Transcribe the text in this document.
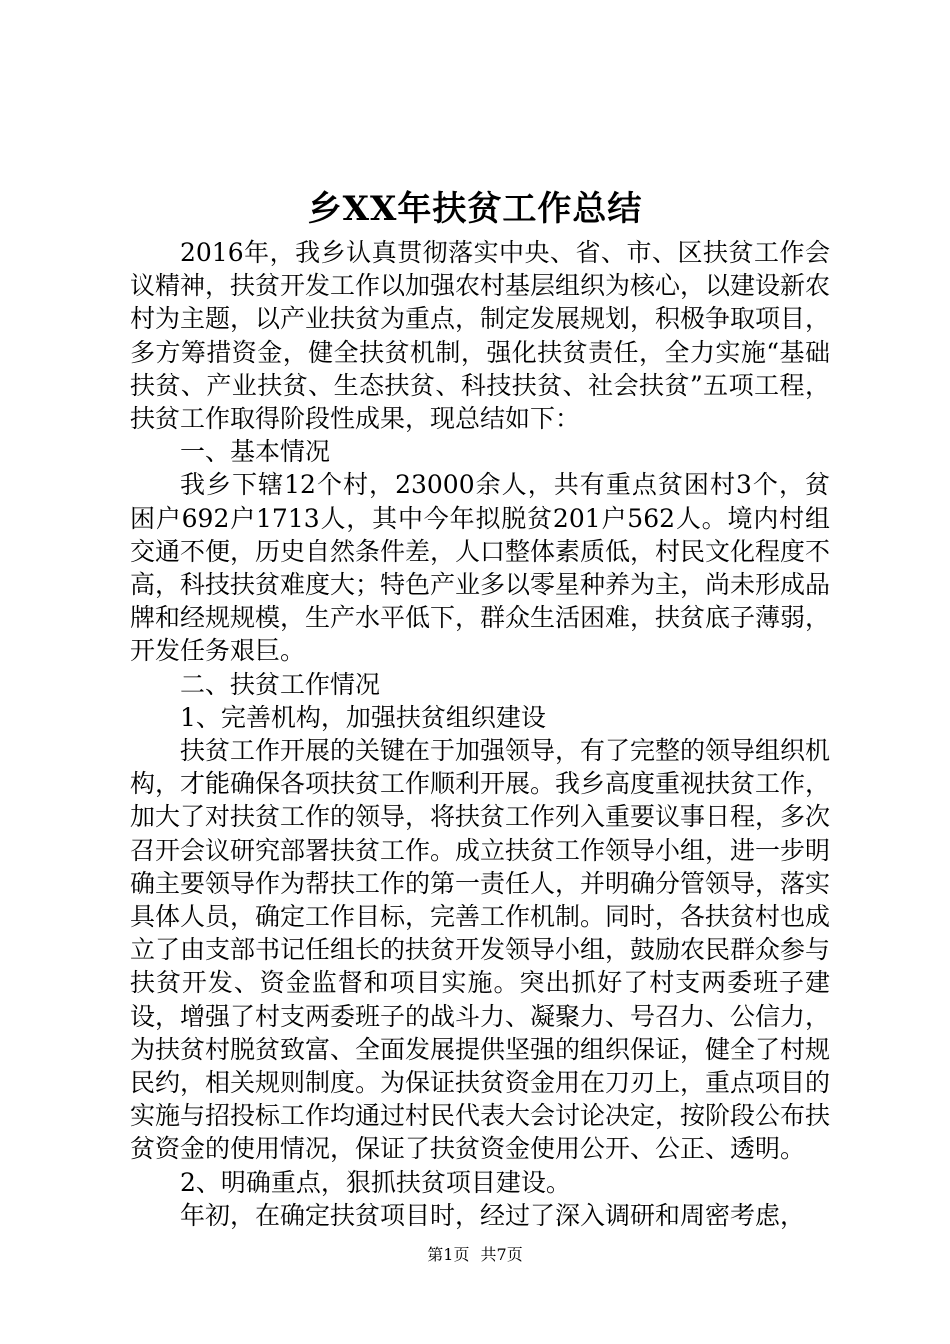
乡XX年扶贫工作总结

2016年，我乡认真贯彻落实中央、省、市、区扶贫工作会议精神，扶贫开发工作以加强农村基层组织为核心，以建设新农村为主题，以产业扶贫为重点，制定发展规划，积极争取项目，多方筹措资金，健全扶贫机制，强化扶贫责任，全力实施“基础扶贫、产业扶贫、生态扶贫、科技扶贫、社会扶贫”五项工程，扶贫工作取得阶段性成果，现总结如下：

一、基本情况

我乡下辖12个村，23000余人，共有重点贫困村3个，贫困户692户1713人，其中今年拟脱贫201户562人。境内村组交通不便，历史自然条件差，人口整体素质低，村民文化程度不高，科技扶贫难度大；特色产业多以零星种养为主，尚未形成品牌和经规规模，生产水平低下，群众生活困难，扶贫底子薄弱，开发任务艰巨。

二、扶贫工作情况

1、完善机构，加强扶贫组织建设

扶贫工作开展的关键在于加强领导，有了完整的领导组织机构，才能确保各项扶贫工作顺利开展。我乡高度重视扶贫工作，加大了对扶贫工作的领导，将扶贫工作列入重要议事日程，多次召开会议研究部署扶贫工作。成立扶贫工作领导小组，进一步明确主要领导作为帮扶工作的第一责任人，并明确分管领导，落实具体人员，确定工作目标，完善工作机制。同时，各扶贫村也成立了由支部书记任组长的扶贫开发领导小组，鼓励农民群众参与扶贫开发、资金监督和项目实施。突出抓好了村支两委班子建设，增强了村支两委班子的战斗力、凝聚力、号召力、公信力，为扶贫村脱贫致富、全面发展提供坚强的组织保证，健全了村规民约，相关规则制度。为保证扶贫资金用在刀刃上，重点项目的实施与招投标工作均通过村民代表大会讨论决定，按阶段公布扶贫资金的使用情况，保证了扶贫资金使用公开、公正、透明。

2、明确重点，狠抓扶贫项目建设。

年初，在确定扶贫项目时，经过了深入调研和周密考虑，

第1页 共7页
